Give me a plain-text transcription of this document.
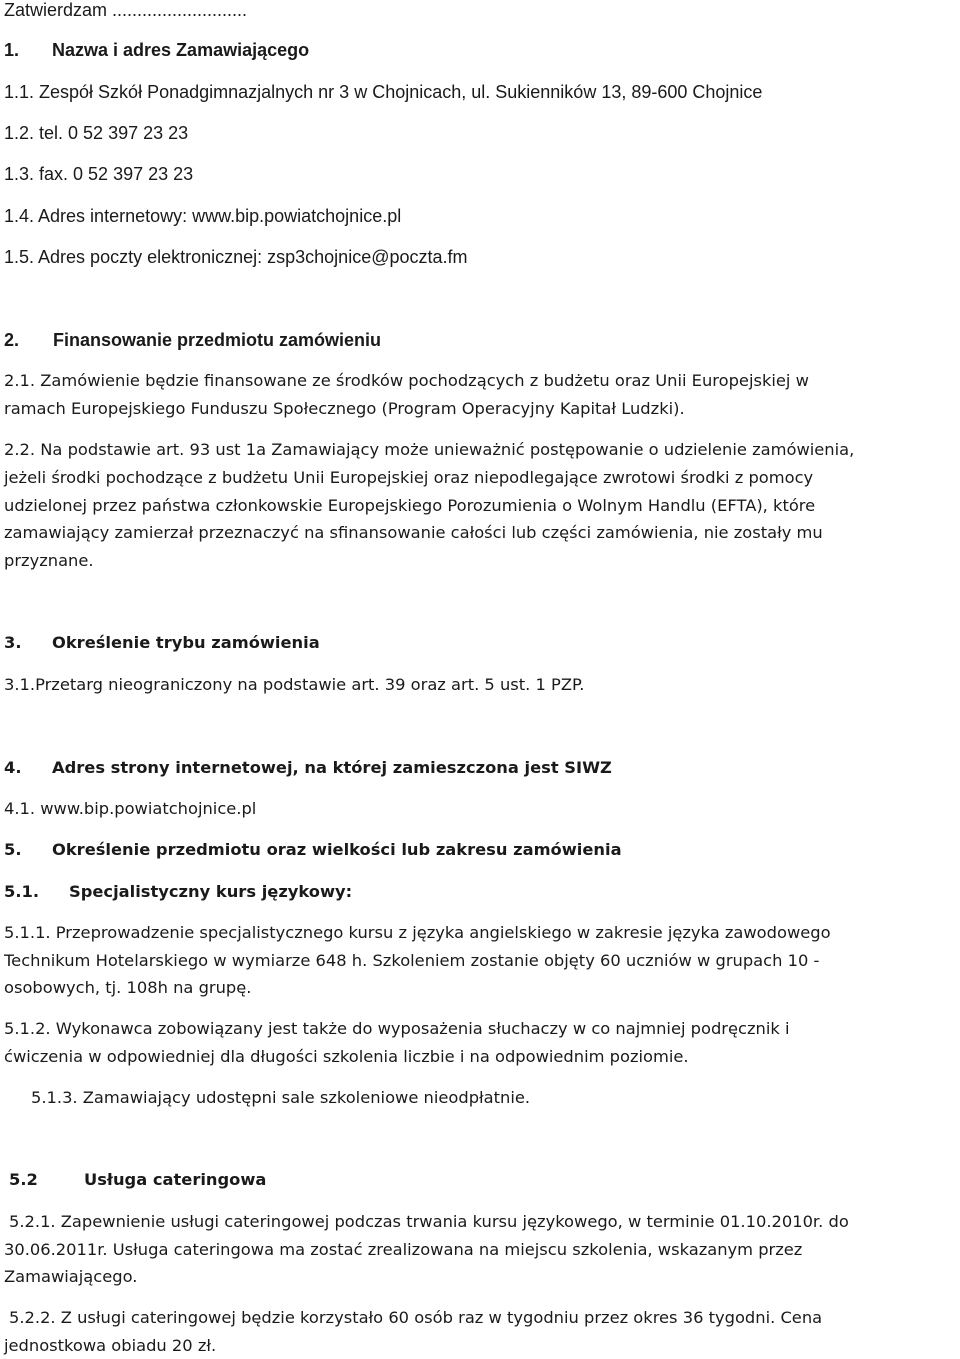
Zatwierdzam ...........................

1. Nazwa i adres Zamawiającego

1.1. Zespół Szkół Ponadgimnazjalnych nr 3 w Chojnicach, ul. Sukienników 13, 89-600 Chojnice

1.2. tel. 0 52 397 23 23

1.3. fax. 0 52 397 23 23

1.4. Adres internetowy: www.bip.powiatchojnice.pl

1.5. Adres poczty elektronicznej: zsp3chojnice@poczta.fm

2. Finansowanie przedmiotu zamówieniu

2.1. Zamówienie będzie finansowane ze środków pochodzących z budżetu oraz Unii Europejskiej w

ramach Europejskiego Funduszu Społecznego (Program Operacyjny Kapitał Ludzki).

2.2. Na podstawie art. 93 ust 1a Zamawiający może unieważnić postępowanie o udzielenie zamówienia,

jeżeli środki pochodzące z budżetu Unii Europejskiej oraz niepodlegające zwrotowi środki z pomocy

udzielonej przez państwa członkowskie Europejskiego Porozumienia o Wolnym Handlu (EFTA), które

zamawiający zamierzał przeznaczyć na sfinansowanie całości lub części zamówienia, nie zostały mu

przyznane.

3. Określenie trybu zamówienia

3.1.Przetarg nieograniczony na podstawie art. 39 oraz art. 5 ust. 1 PZP.

4. Adres strony internetowej, na której zamieszczona jest SIWZ

4.1. www.bip.powiatchojnice.pl

5. Określenie przedmiotu oraz wielkości lub zakresu zamówienia

5.1. Specjalistyczny kurs językowy:

5.1.1. Przeprowadzenie specjalistycznego kursu z języka angielskiego w zakresie języka zawodowego

Technikum Hotelarskiego w wymiarze 648 h. Szkoleniem zostanie objęty 60 uczniów w grupach 10 -

osobowych, tj. 108h na grupę.

5.1.2. Wykonawca zobowiązany jest także do wyposażenia słuchaczy w co najmniej podręcznik i

ćwiczenia w odpowiedniej dla długości szkolenia liczbie i na odpowiednim poziomie.

5.1.3. Zamawiający udostępni sale szkoleniowe nieodpłatnie.

5.2	Usługa cateringowa

5.2.1. Zapewnienie usługi cateringowej podczas trwania kursu językowego, w terminie 01.10.2010r. do

30.06.2011r. Usługa cateringowa ma zostać zrealizowana na miejscu szkolenia, wskazanym przez

Zamawiającego.

5.2.2. Z usługi cateringowej będzie korzystało 60 osób raz w tygodniu przez okres 36 tygodni. Cena

jednostkowa obiadu 20 zł.
